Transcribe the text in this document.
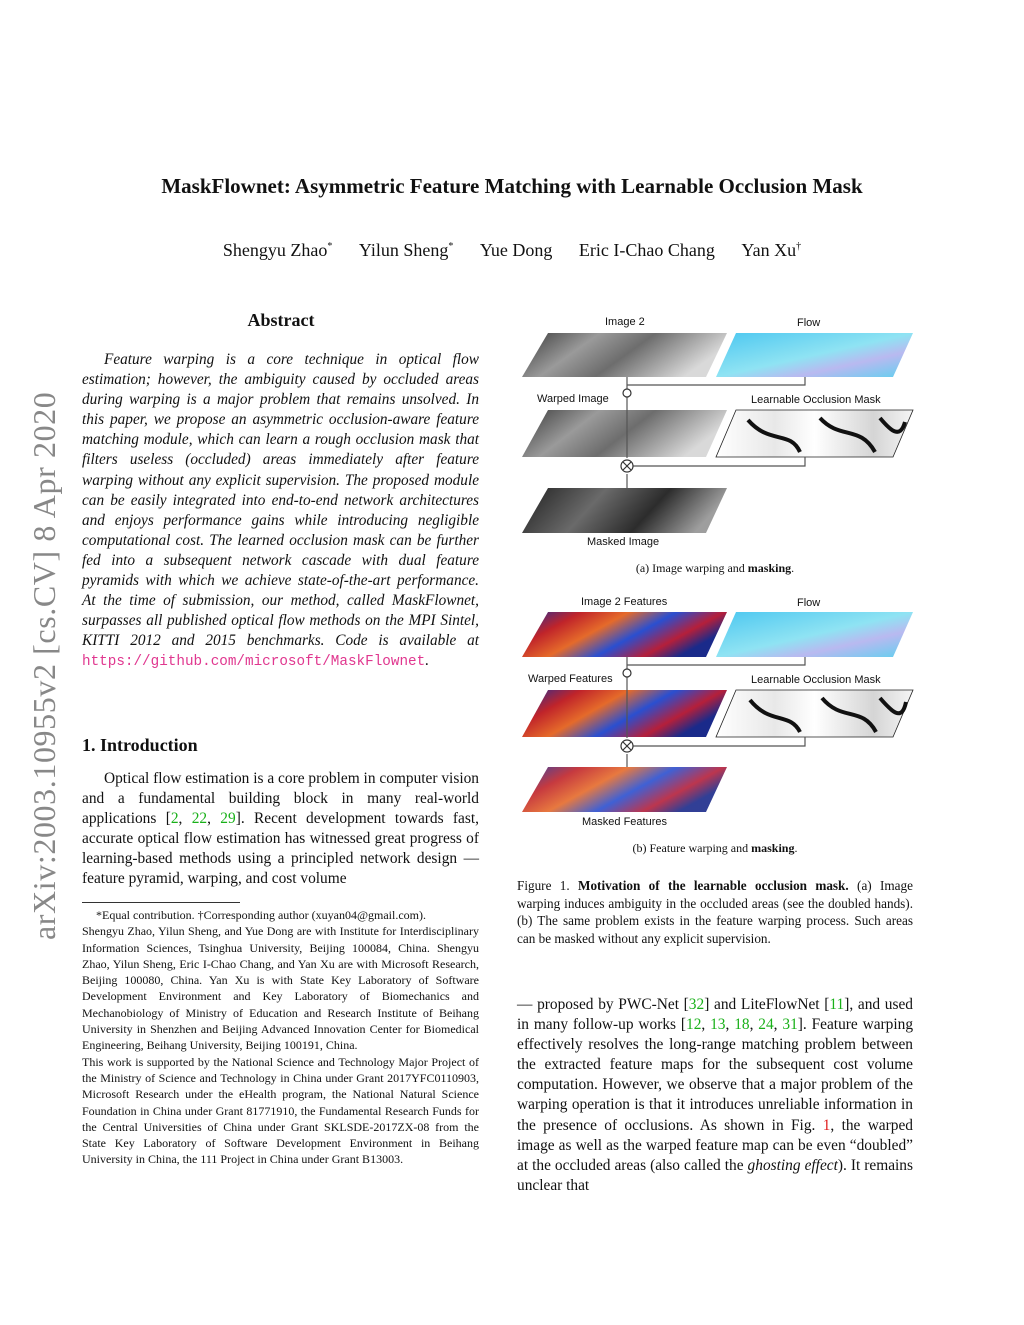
MaskFlownet: Asymmetric Feature Matching with Learnable Occlusion Mask
Shengyu Zhao* Yilun Sheng* Yue Dong Eric I-Chao Chang Yan Xu†
arXiv:2003.10955v2 [cs.CV] 8 Apr 2020
Abstract
Feature warping is a core technique in optical flow estimation; however, the ambiguity caused by occluded areas during warping is a major problem that remains unsolved. In this paper, we propose an asymmetric occlusion-aware feature matching module, which can learn a rough occlusion mask that filters useless (occluded) areas immediately after feature warping without any explicit supervision. The proposed module can be easily integrated into end-to-end network architectures and enjoys performance gains while introducing negligible computational cost. The learned occlusion mask can be further fed into a subsequent network cascade with dual feature pyramids with which we achieve state-of-the-art performance. At the time of submission, our method, called MaskFlownet, surpasses all published optical flow methods on the MPI Sintel, KITTI 2012 and 2015 benchmarks. Code is available at https://github.com/microsoft/MaskFlownet.
1. Introduction
Optical flow estimation is a core problem in computer vision and a fundamental building block in many real-world applications [2, 22, 29]. Recent development towards fast, accurate optical flow estimation has witnessed great progress of learning-based methods using a principled network design — feature pyramid, warping, and cost volume

*Equal contribution. †Corresponding author (xuyan04@gmail.com).

Shengyu Zhao, Yilun Sheng, and Yue Dong are with Institute for Interdisciplinary Information Sciences, Tsinghua University, Beijing 100084, China. Shengyu Zhao, Yilun Sheng, Eric I-Chao Chang, and Yan Xu are with Microsoft Research, Beijing 100080, China. Yan Xu is with State Key Laboratory of Software Development Environment and Key Laboratory of Biomechanics and Mechanobiology of Ministry of Education and Research Institute of Beihang University in Shenzhen and Beijing Advanced Innovation Center for Biomedical Engineering, Beihang University, Beijing 100191, China.

This work is supported by the National Science and Technology Major Project of the Ministry of Science and Technology in China under Grant 2017YFC0110903, Microsoft Research under the eHealth program, the National Natural Science Foundation in China under Grant 81771910, the Fundamental Research Funds for the Central Universities of China under Grant SKLSDE-2017ZX-08 from the State Key Laboratory of Software Development Environment in Beihang University in China, the 111 Project in China under Grant B13003.

Image 2	Flow
Warped Image	Learnable Occlusion Mask
Masked Image
(a) Image warping and masking.
Image 2 Features	Flow
Warped Features	Learnable Occlusion Mask
Masked Features
(b) Feature warping and masking.
Figure 1. Motivation of the learnable occlusion mask. (a) Image warping induces ambiguity in the occluded areas (see the doubled hands). (b) The same problem exists in the feature warping process. Such areas can be masked without any explicit supervision.
— proposed by PWC-Net [32] and LiteFlowNet [11], and used in many follow-up works [12, 13, 18, 24, 31]. Feature warping effectively resolves the long-range matching problem between the extracted feature maps for the subsequent cost volume computation. However, we observe that a major problem of the warping operation is that it introduces unreliable information in the presence of occlusions. As shown in Fig. 1, the warped image as well as the warped feature map can be even “doubled” at the occluded areas (also called the ghosting effect). It remains unclear that
